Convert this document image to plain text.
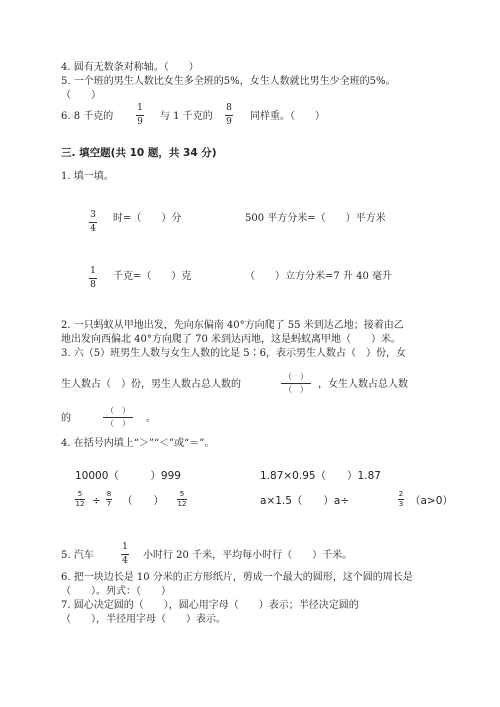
4. 圆有无数条对称轴。（　　）
5. 一个班的男生人数比女生多全班的5%，女生人数就比男生少全班的5%。
（　　）
6. 8 千克的
1
9 与 1 千克的
8
9 同样重。（　　）
三. 填空题(共 10 题，共 34 分)
1. 填一填。
3
4
时=（　　）分	500 平方分米=（　　）平方米
1
8
千克=（　　）克	（　　）立方分米=7 升 40 毫升
2. 一只蚂蚁从甲地出发，先向东偏南 40°方向爬了 55 米到达乙地；接着由乙
地出发向西偏北 40°方向爬了 70 米到达丙地，这是蚂蚁离甲地（　　）米。
3. 六（5）班男生人数与女生人数的比是 5∶6，表示男生人数占（　）份，女
生人数占（　）份，男生人数占总人数的
（　）
（　） ，女生人数占总人数
的
（　）
（　） 。
4. 在括号内填上“＞”“＜”或“＝”。
10000（　　　）999	1.87×0.95（　　）1.87
5
12 ÷
8
7 （　　）
5
12	a×1.5（　　）a÷
2
3 （a>0）
5. 汽车
1
4 小时行 20 千米，平均每小时行（　　）千米。
6. 把一块边长是 10 分米的正方形纸片，剪成一个最大的圆形，这个圆的周长是
（　　）。列式：（　　）
7. 圆心决定圆的（　　），圆心用字母（　　）表示；半径决定圆的
（　　），半径用字母（　　）表示。
